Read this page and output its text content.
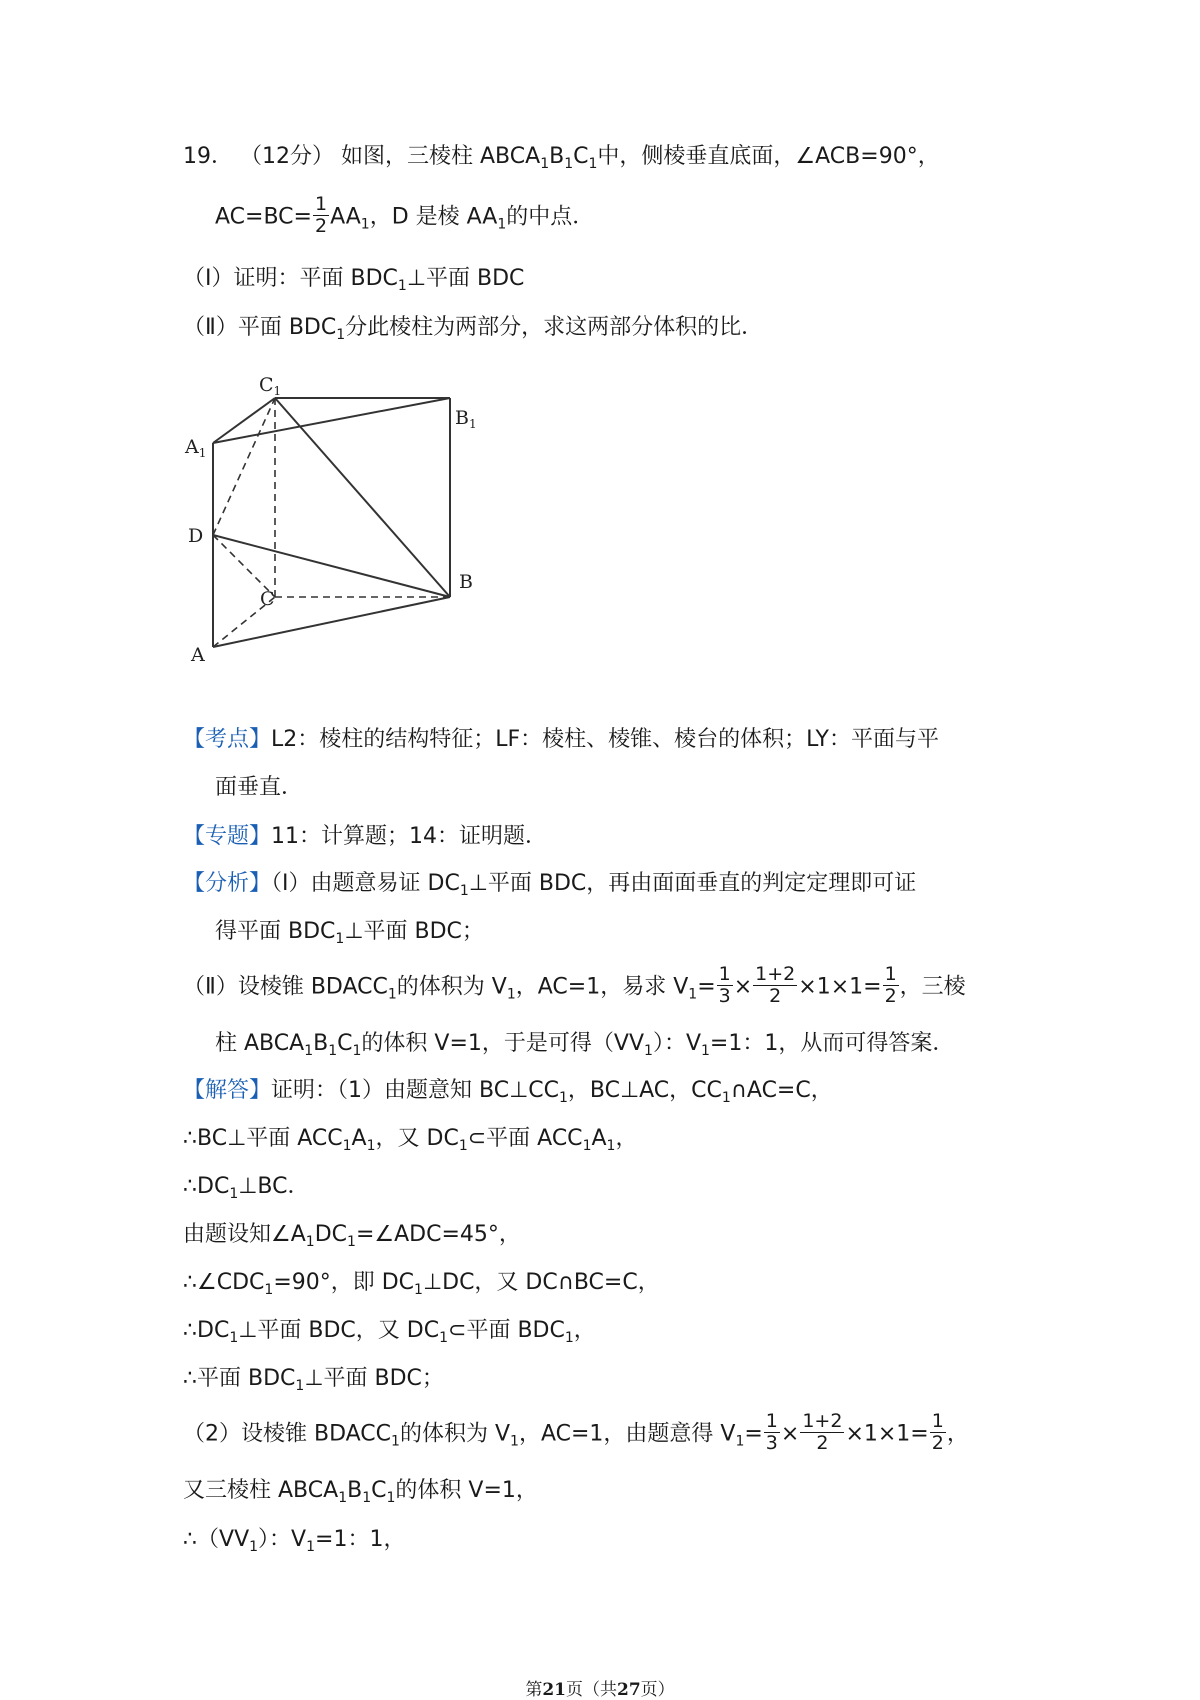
19． （12分） 如图，三棱柱 $ABCA_1B_1C_1$中，侧棱垂直底面，∠ACB=90°，
$AC=BC= \frac{1}{2} AA_1$，D 是棱 $AA_1$的中点．
（Ⅰ）证明：平面 $BDC_1\perp$平面 BDC
（Ⅱ）平面 $BDC_1$分此棱柱为两部分，求这两部分体积的比．
$C_1$
$B_1$
$A_1$
D
C
B
A
【考点】L2：棱柱的结构特征；LF：棱柱、棱锥、棱台的体积；LY：平面与平
面垂直．
【专题】11：计算题；14：证明题．
【分析】（Ⅰ）由题意易证 $DC_1\perp$平面 BDC，再由面面垂直的判定定理即可证
得平面 $BDC_1\perp$平面 BDC；
（Ⅱ）设棱锥 $BDACC_1$的体积为 $V_1$，AC=1，易求 $V_1= \frac{1}{3} \times \frac{1+2}{2} \times 1\times 1= \frac{1}{2}$ ，三棱
柱 $ABCA_1B_1C_1$的体积 V=1，于是可得$(VV_1)$：$V_1=1$：1，从而可得答案．
【解答】证明：（1）由题意知 $BC\perp CC_1$，BC⊥AC，$CC_1\cap AC=C$，
∴BC⊥平面 $ACC_1A_1$，又 $DC_1\subset$平面 $ACC_1A_1$，
$\therefore DC_1\perp BC$．
由题设知$\angle A_1DC_1=\angle ADC=45^\circ$，
$\therefore\angle CDC_1=90^\circ$，即 $DC_1\perp DC$，又 DC∩BC=C，
$\therefore DC_1\perp$平面 BDC，又 $DC_1\subset$平面 $BDC_1$，
∴平面 $BDC_1\perp$平面 BDC；
（2）设棱锥 $BDACC_1$的体积为 $V_1$，AC=1，由题意得 $V_1= \frac{1}{3} \times \frac{1+2}{2} \times 1\times 1= \frac{1}{2}$ ，
又三棱柱 $ABCA_1B_1C_1$的体积 V=1，
$\therefore(VV_1)$：$V_1=1$：1，
第21页（共27页）
